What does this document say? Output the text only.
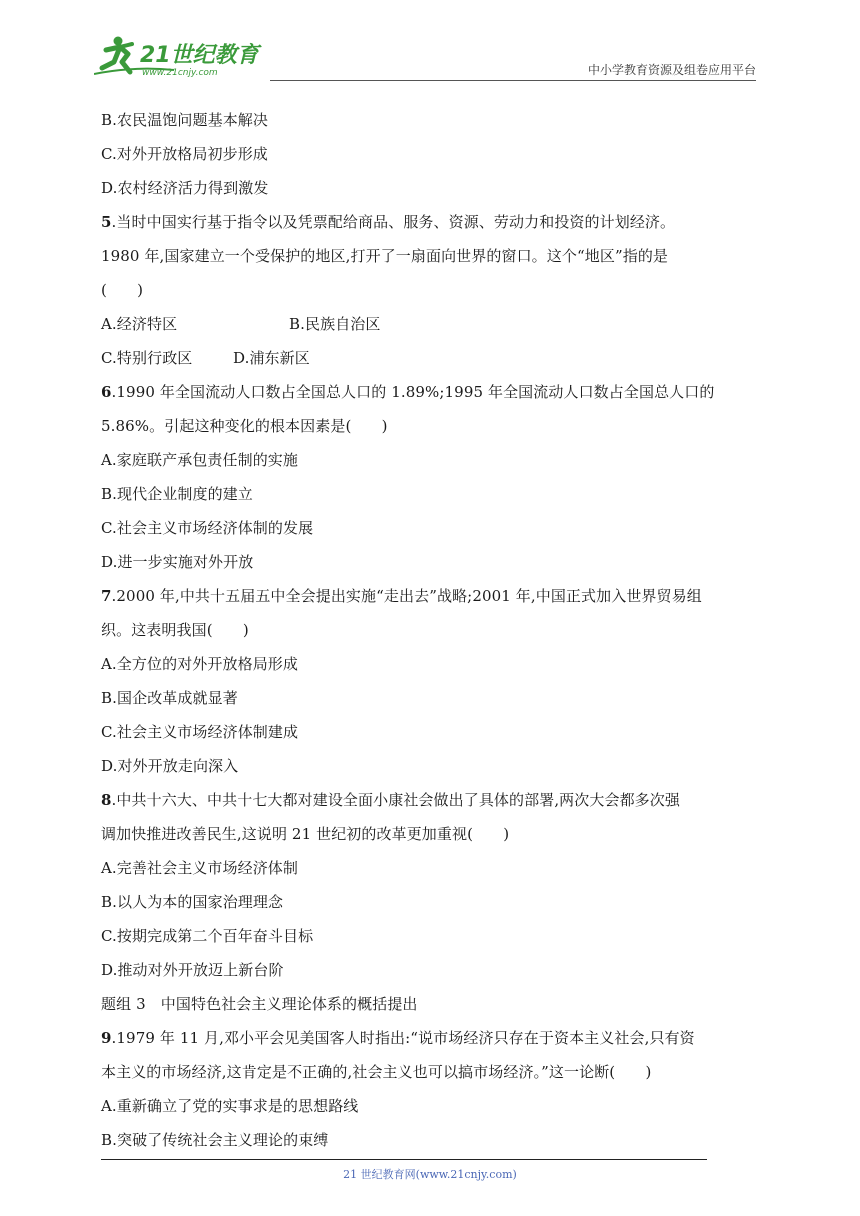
21世纪教育
www.21cnjy.com	中小学教育资源及组卷应用平台
B.农民温饱问题基本解决
C.对外开放格局初步形成
D.农村经济活力得到激发
5.当时中国实行基于指令以及凭票配给商品、服务、资源、劳动力和投资的计划经济。
1980 年,国家建立一个受保护的地区,打开了一扇面向世界的窗口。这个“地区”指的是
(　　)
A.经济特区	B.民族自治区
C.特别行政区	D.浦东新区
6.1990 年全国流动人口数占全国总人口的 1.89%;1995 年全国流动人口数占全国总人口的
5.86%。引起这种变化的根本因素是(　　)
A.家庭联产承包责任制的实施
B.现代企业制度的建立
C.社会主义市场经济体制的发展
D.进一步实施对外开放
7.2000 年,中共十五届五中全会提出实施“走出去”战略;2001 年,中国正式加入世界贸易组
织。这表明我国(　　)
A.全方位的对外开放格局形成
B.国企改革成就显著
C.社会主义市场经济体制建成
D.对外开放走向深入
8.中共十六大、中共十七大都对建设全面小康社会做出了具体的部署,两次大会都多次强
调加快推进改善民生,这说明 21 世纪初的改革更加重视(　　)
A.完善社会主义市场经济体制
B.以人为本的国家治理理念
C.按期完成第二个百年奋斗目标
D.推动对外开放迈上新台阶
题组 3　中国特色社会主义理论体系的概括提出
9.1979 年 11 月,邓小平会见美国客人时指出:“说市场经济只存在于资本主义社会,只有资
本主义的市场经济,这肯定是不正确的,社会主义也可以搞市场经济。”这一论断(　　)
A.重新确立了党的实事求是的思想路线
B.突破了传统社会主义理论的束缚
21 世纪教育网(www.21cnjy.com)
